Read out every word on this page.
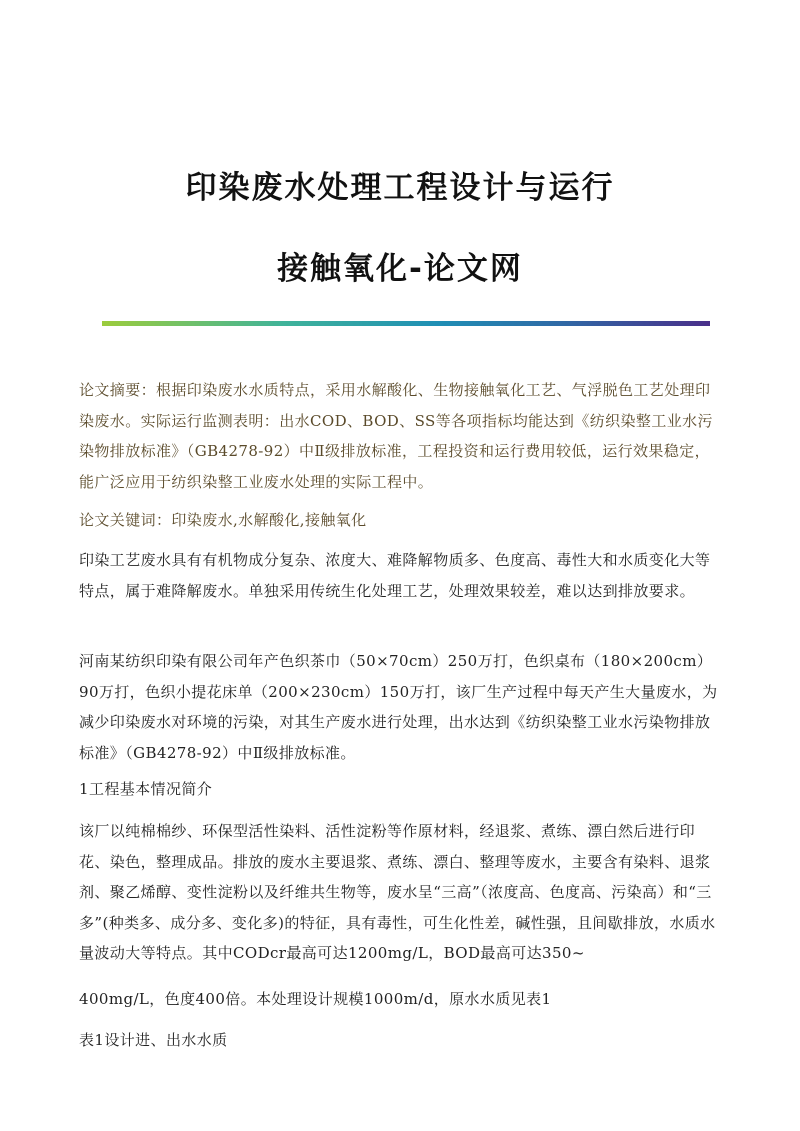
印染废水处理工程设计与运行
接触氧化-论文网

论文摘要：根据印染废水水质特点，采用水解酸化、生物接触氧化工艺、气浮脱色工艺处理印染废水。实际运行监测表明：出水COD、BOD、SS等各项指标均能达到《纺织染整工业水污染物排放标准》（GB4278-92）中Ⅱ级排放标准，工程投资和运行费用较低，运行效果稳定，能广泛应用于纺织染整工业废水处理的实际工程中。

论文关键词：印染废水,水解酸化,接触氧化

印染工艺废水具有有机物成分复杂、浓度大、难降解物质多、色度高、毒性大和水质变化大等特点，属于难降解废水。单独采用传统生化处理工艺，处理效果较差，难以达到排放要求。

河南某纺织印染有限公司年产色织茶巾（50×70cm）250万打，色织桌布（180×200cm）90万打，色织小提花床单（200×230cm）150万打，该厂生产过程中每天产生大量废水，为减少印染废水对环境的污染，对其生产废水进行处理，出水达到《纺织染整工业水污染物排放标准》（GB4278-92）中Ⅱ级排放标准。

1工程基本情况简介

该厂以纯棉棉纱、环保型活性染料、活性淀粉等作原材料，经退浆、煮练、漂白然后进行印花、染色，整理成品。排放的废水主要退浆、煮练、漂白、整理等废水，主要含有染料、退浆剂、聚乙烯醇、变性淀粉以及纤维共生物等，废水呈“三高”（浓度高、色度高、污染高）和“三多”(种类多、成分多、变化多)的特征，具有毒性，可生化性差，碱性强，且间歇排放，水质水量波动大等特点。其中CODcr最高可达1200mg/L，BOD最高可达350~

400mg/L，色度400倍。本处理设计规模1000m/d，原水水质见表1

表1设计进、出水水质
